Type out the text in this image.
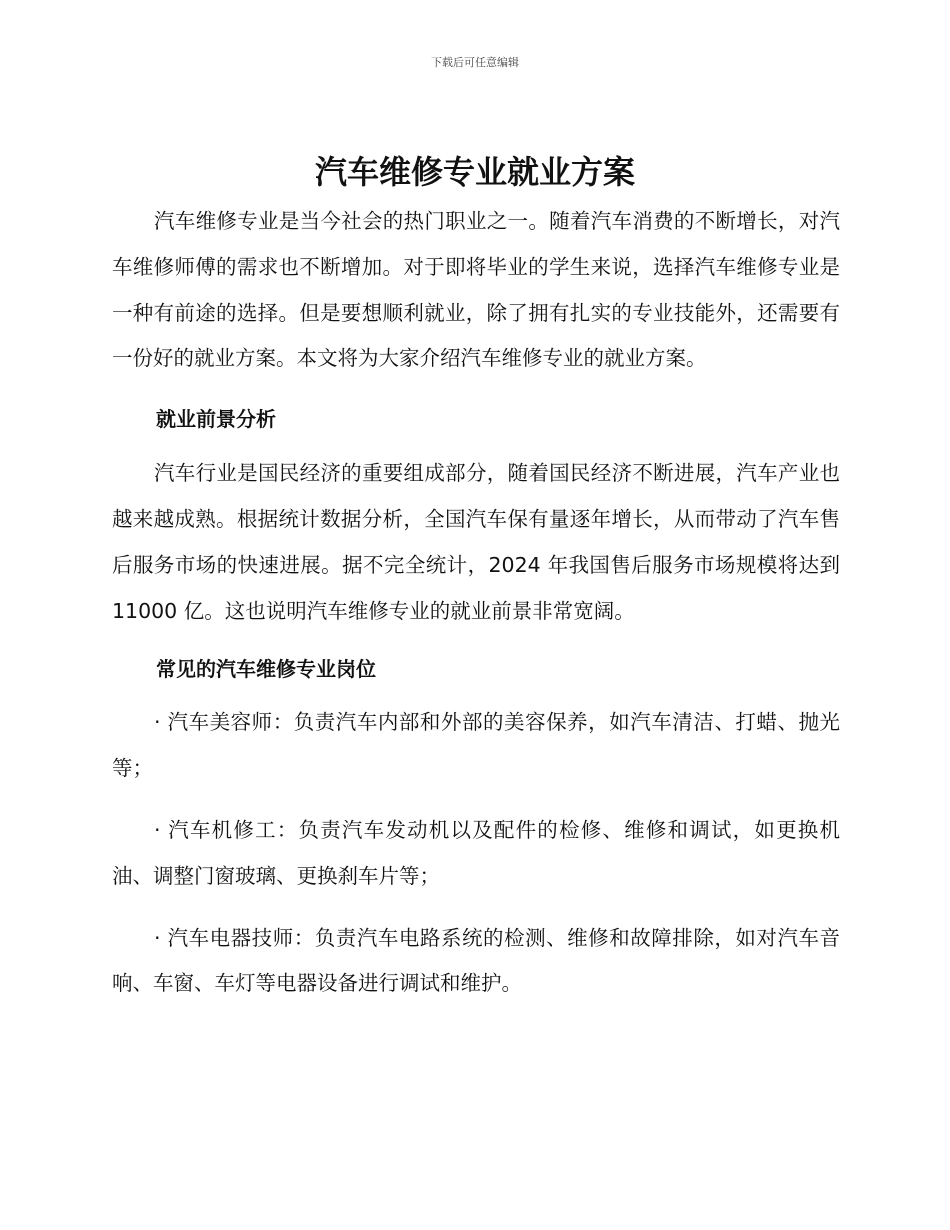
下载后可任意编辑
汽车维修专业就业方案

汽车维修专业是当今社会的热门职业之一。随着汽车消费的不断增长，对汽车维修师傅的需求也不断增加。对于即将毕业的学生来说，选择汽车维修专业是一种有前途的选择。但是要想顺利就业，除了拥有扎实的专业技能外，还需要有一份好的就业方案。本文将为大家介绍汽车维修专业的就业方案。

就业前景分析

汽车行业是国民经济的重要组成部分，随着国民经济不断进展，汽车产业也越来越成熟。根据统计数据分析，全国汽车保有量逐年增长，从而带动了汽车售后服务市场的快速进展。据不完全统计，2024 年我国售后服务市场规模将达到 11000 亿。这也说明汽车维修专业的就业前景非常宽阔。

常见的汽车维修专业岗位

· 汽车美容师：负责汽车内部和外部的美容保养，如汽车清洁、打蜡、抛光等；

· 汽车机修工：负责汽车发动机以及配件的检修、维修和调试，如更换机油、调整门窗玻璃、更换刹车片等；

· 汽车电器技师：负责汽车电路系统的检测、维修和故障排除，如对汽车音响、车窗、车灯等电器设备进行调试和维护。
